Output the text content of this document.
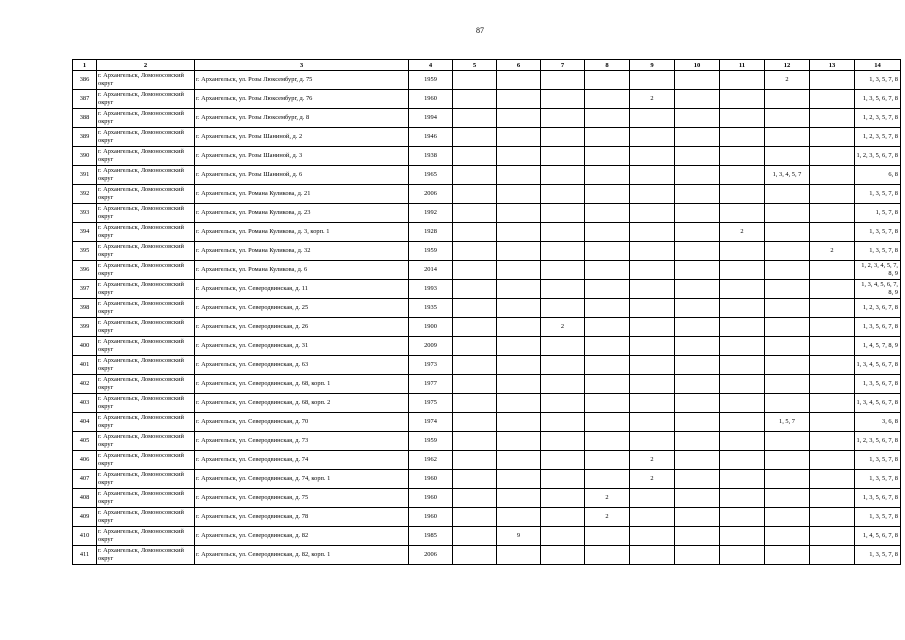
87
1	2	3	4	5	6	7	8	9	10	11	12	13	14
386	г. Архангельск, Ломоносовский округ	г. Архангельск, ул. Розы Люксембург, д. 75	1959								2		1, 3, 5, 7, 8
387	г. Архангельск, Ломоносовский округ	г. Архангельск, ул. Розы Люксембург, д. 76	1960					2					1, 3, 5, 6, 7, 8
388	г. Архангельск, Ломоносовский округ	г. Архангельск, ул. Розы Люксембург, д. 8	1994										1, 2, 3, 5, 7, 8
389	г. Архангельск, Ломоносовский округ	г. Архангельск, ул. Розы Шаниной, д. 2	1946										1, 2, 3, 5, 7, 8
390	г. Архангельск, Ломоносовский округ	г. Архангельск, ул. Розы Шаниной, д. 3	1938										1, 2, 3, 5, 6, 7, 8
391	г. Архангельск, Ломоносовский округ	г. Архангельск, ул. Розы Шаниной, д. 6	1965								1, 3, 4, 5, 7		6, 8
392	г. Архангельск, Ломоносовский округ	г. Архангельск, ул. Романа Куликова, д. 21	2006										1, 3, 5, 7, 8
393	г. Архангельск, Ломоносовский округ	г. Архангельск, ул. Романа Куликова, д. 23	1992										1, 5, 7, 8
394	г. Архангельск, Ломоносовский округ	г. Архангельск, ул. Романа Куликова, д. 3, корп. 1	1928							2			1, 3, 5, 7, 8
395	г. Архангельск, Ломоносовский округ	г. Архангельск, ул. Романа Куликова, д. 32	1959									2	1, 3, 5, 7, 8
396	г. Архангельск, Ломоносовский округ	г. Архангельск, ул. Романа Куликова, д. 6	2014										1, 2, 3, 4, 5, 7, 8, 9
397	г. Архангельск, Ломоносовский округ	г. Архангельск, ул. Северодвинская, д. 11	1993										1, 3, 4, 5, 6, 7, 8, 9
398	г. Архангельск, Ломоносовский округ	г. Архангельск, ул. Северодвинская, д. 25	1935										1, 2, 3, 6, 7, 8
399	г. Архангельск, Ломоносовский округ	г. Архангельск, ул. Северодвинская, д. 26	1900			2							1, 3, 5, 6, 7, 8
400	г. Архангельск, Ломоносовский округ	г. Архангельск, ул. Северодвинская, д. 31	2009										1, 4, 5, 7, 8, 9
401	г. Архангельск, Ломоносовский округ	г. Архангельск, ул. Северодвинская, д. 63	1973										1, 3, 4, 5, 6, 7, 8
402	г. Архангельск, Ломоносовский округ	г. Архангельск, ул. Северодвинская, д. 68, корп. 1	1977										1, 3, 5, 6, 7, 8
403	г. Архангельск, Ломоносовский округ	г. Архангельск, ул. Северодвинская, д. 68, корп. 2	1975										1, 3, 4, 5, 6, 7, 8
404	г. Архангельск, Ломоносовский округ	г. Архангельск, ул. Северодвинская, д. 70	1974								1, 5, 7		3, 6, 8
405	г. Архангельск, Ломоносовский округ	г. Архангельск, ул. Северодвинская, д. 73	1959										1, 2, 3, 5, 6, 7, 8
406	г. Архангельск, Ломоносовский округ	г. Архангельск, ул. Северодвинская, д. 74	1962					2					1, 3, 5, 7, 8
407	г. Архангельск, Ломоносовский округ	г. Архангельск, ул. Северодвинская, д. 74, корп. 1	1960					2					1, 3, 5, 7, 8
408	г. Архангельск, Ломоносовский округ	г. Архангельск, ул. Северодвинская, д. 75	1960				2						1, 3, 5, 6, 7, 8
409	г. Архангельск, Ломоносовский округ	г. Архангельск, ул. Северодвинская, д. 78	1960				2						1, 3, 5, 7, 8
410	г. Архангельск, Ломоносовский округ	г. Архангельск, ул. Северодвинская, д. 82	1985		9								1, 4, 5, 6, 7, 8
411	г. Архангельск, Ломоносовский округ	г. Архангельск, ул. Северодвинская, д. 82, корп. 1	2006										1, 3, 5, 7, 8
